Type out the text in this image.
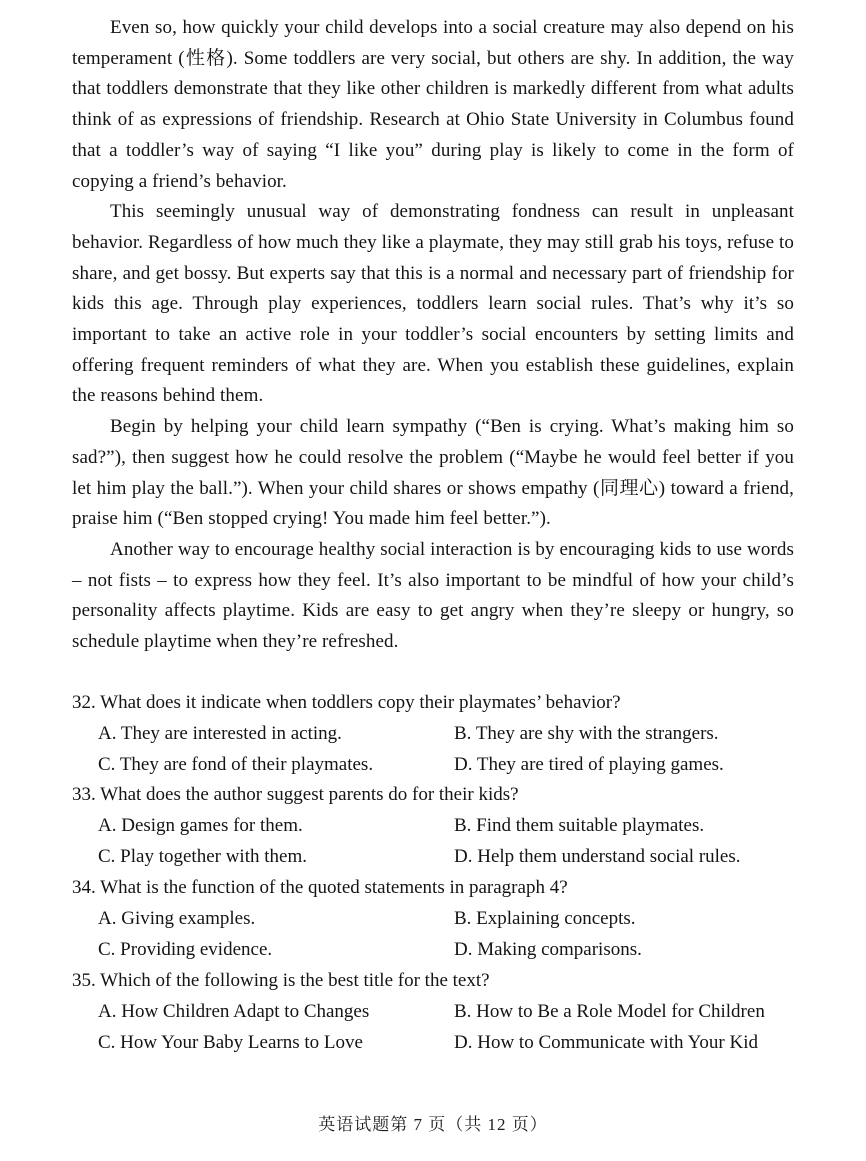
Even so, how quickly your child develops into a social creature may also depend on his temperament (性格). Some toddlers are very social, but others are shy. In addition, the way that toddlers demonstrate that they like other children is markedly different from what adults think of as expressions of friendship. Research at Ohio State University in Columbus found that a toddler’s way of saying “I like you” during play is likely to come in the form of copying a friend’s behavior.

This seemingly unusual way of demonstrating fondness can result in unpleasant behavior. Regardless of how much they like a playmate, they may still grab his toys, refuse to share, and get bossy. But experts say that this is a normal and necessary part of friendship for kids this age. Through play experiences, toddlers learn social rules. That’s why it’s so important to take an active role in your toddler’s social encounters by setting limits and offering frequent reminders of what they are. When you establish these guidelines, explain the reasons behind them.

Begin by helping your child learn sympathy (“Ben is crying. What’s making him so sad?”), then suggest how he could resolve the problem (“Maybe he would feel better if you let him play the ball.”). When your child shares or shows empathy (同理心) toward a friend, praise him (“Ben stopped crying! You made him feel better.”).

Another way to encourage healthy social interaction is by encouraging kids to use words – not fists – to express how they feel. It’s also important to be mindful of how your child’s personality affects playtime. Kids are easy to get angry when they’re sleepy or hungry, so schedule playtime when they’re refreshed.

32. What does it indicate when toddlers copy their playmates’ behavior?

A. They are interested in acting.	B. They are shy with the strangers.
C. They are fond of their playmates.	D. They are tired of playing games.

33. What does the author suggest parents do for their kids?

A. Design games for them.	B. Find them suitable playmates.
C. Play together with them.	D. Help them understand social rules.

34. What is the function of the quoted statements in paragraph 4?

A. Giving examples.	B. Explaining concepts.
C. Providing evidence.	D. Making comparisons.

35. Which of the following is the best title for the text?

A. How Children Adapt to Changes	B. How to Be a Role Model for Children
C. How Your Baby Learns to Love	D. How to Communicate with Your Kid
英语试题第 7 页（共 12 页）
